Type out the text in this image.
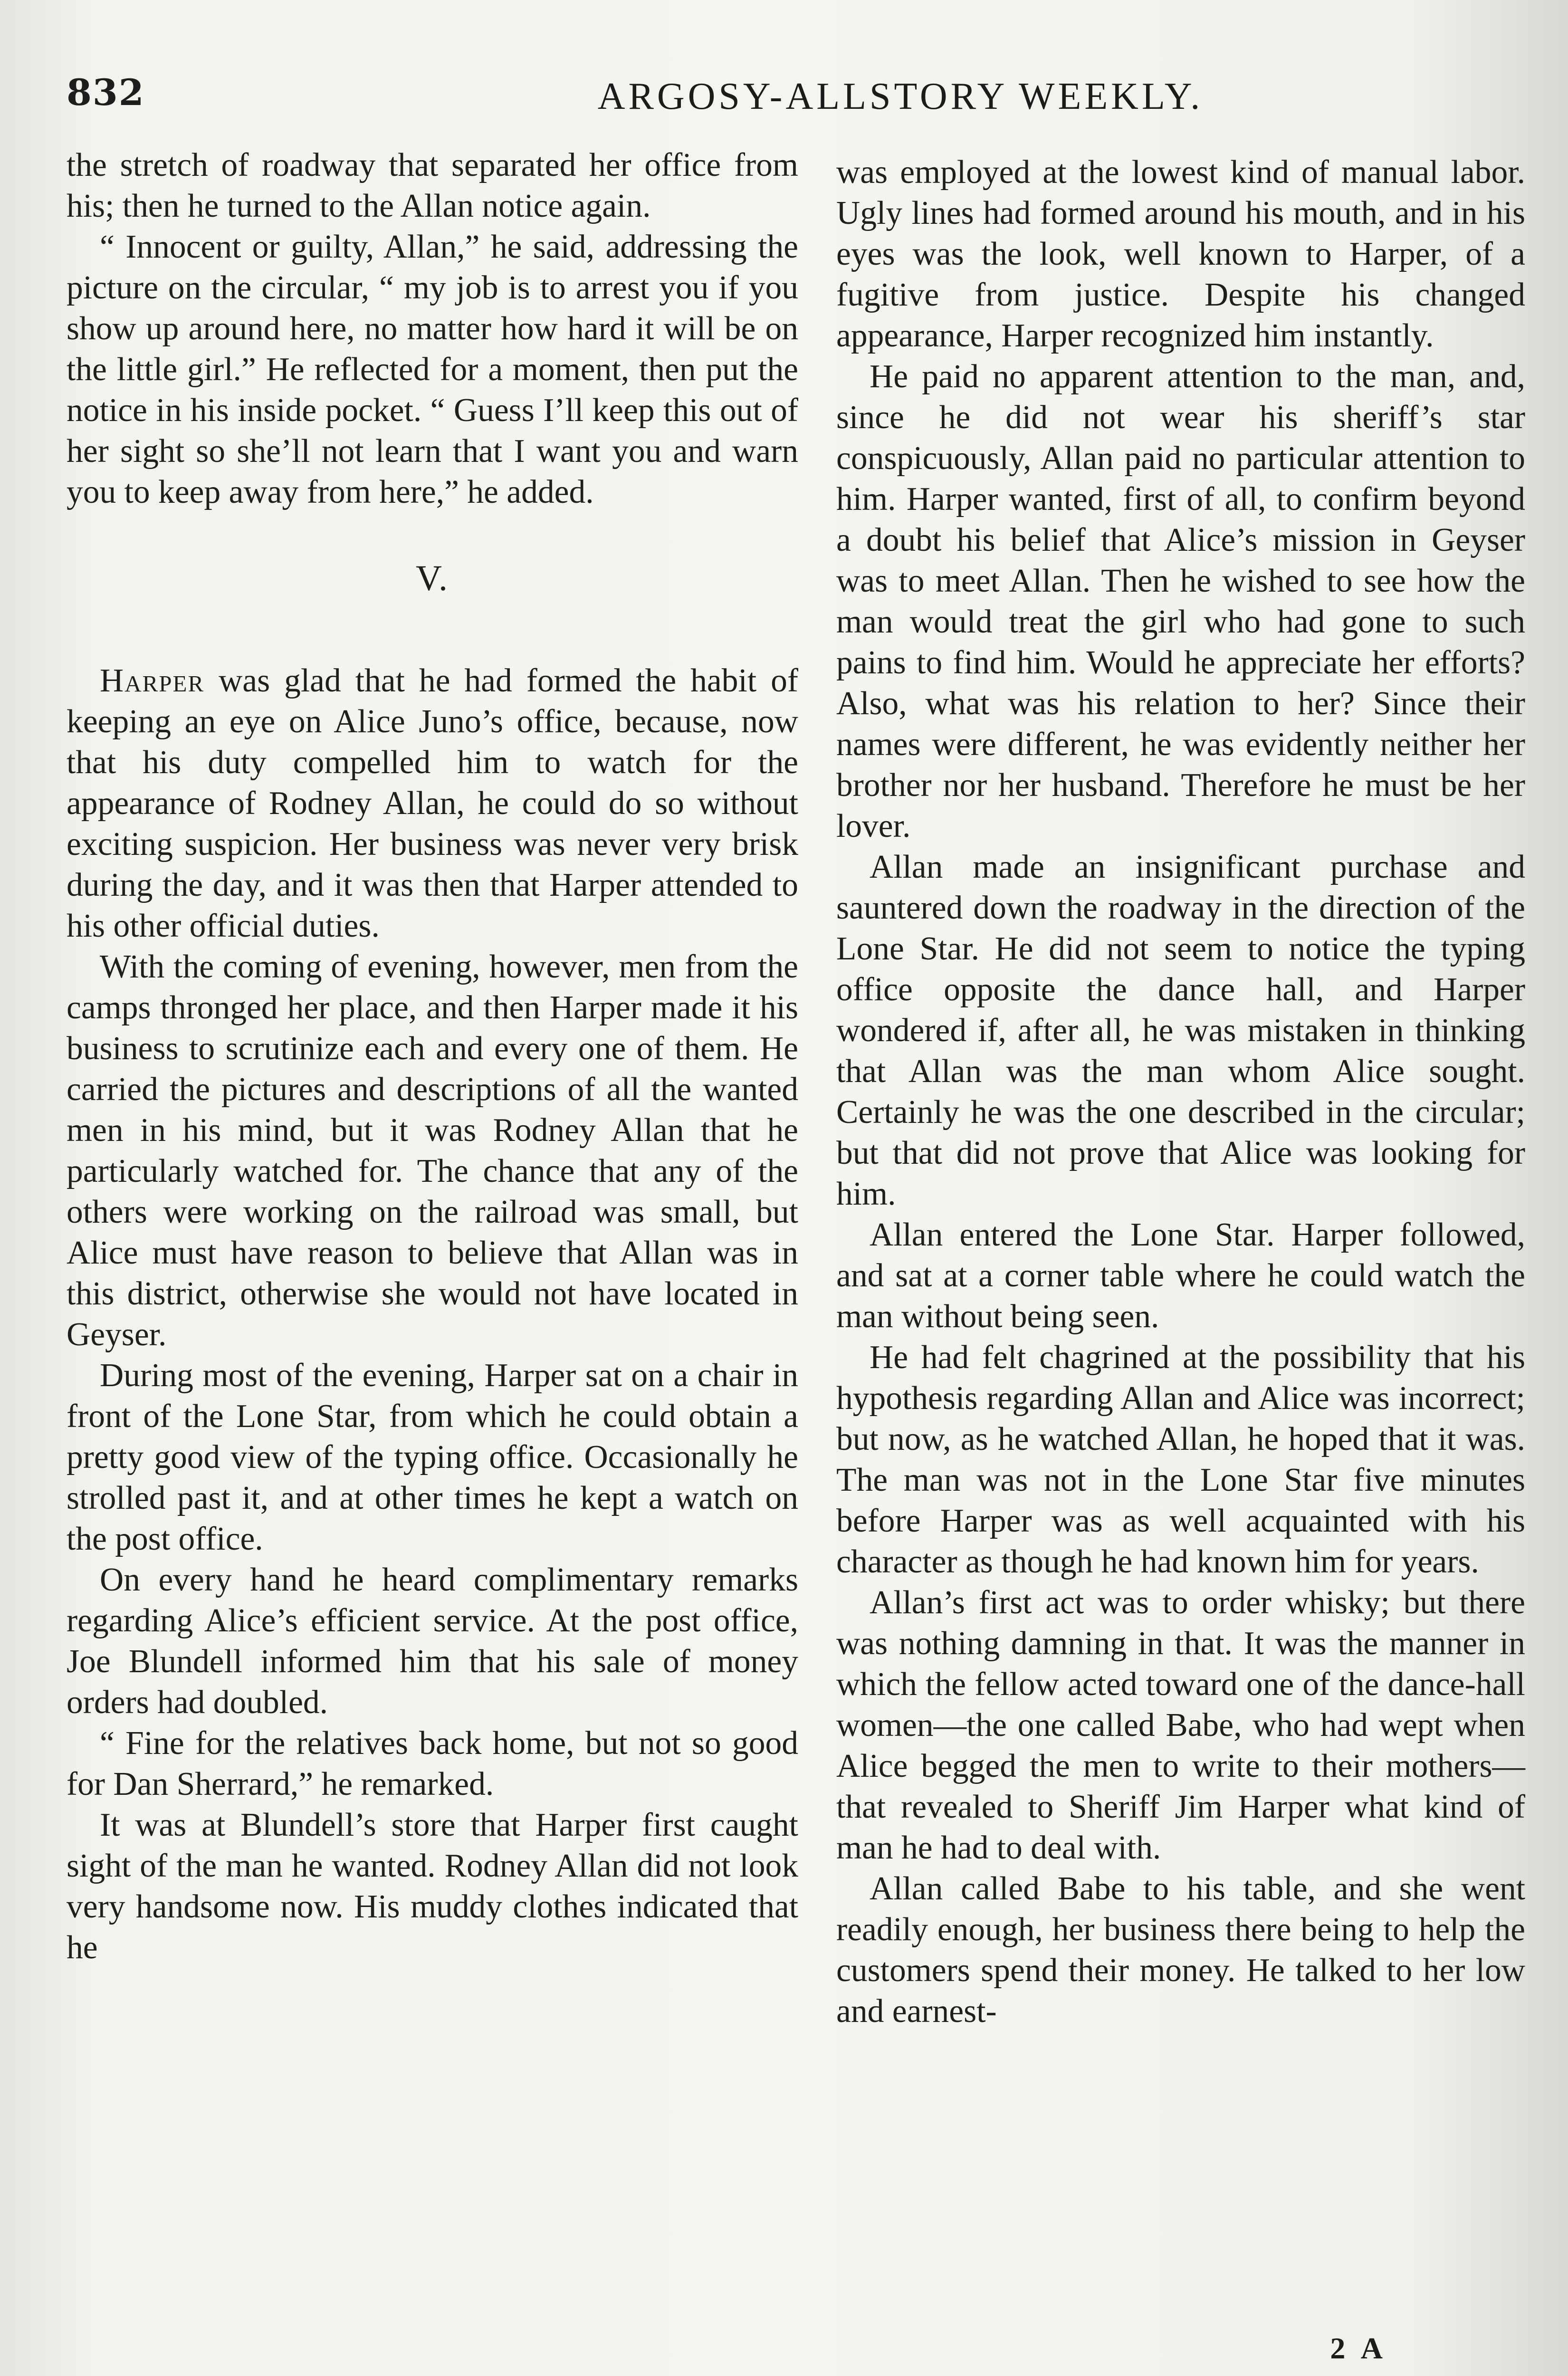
832	ARGOSY-ALLSTORY WEEKLY.

the stretch of roadway that separated her office from his; then he turned to the Allan notice again.

“ Innocent or guilty, Allan,” he said, addressing the picture on the circular, “ my job is to arrest you if you show up around here, no matter how hard it will be on the little girl.” He reflected for a moment, then put the notice in his inside pocket. “ Guess I’ll keep this out of her sight so she’ll not learn that I want you and warn you to keep away from here,” he added.

V.

Harper was glad that he had formed the habit of keeping an eye on Alice Juno’s office, because, now that his duty compelled him to watch for the appearance of Rodney Allan, he could do so without exciting suspicion. Her business was never very brisk during the day, and it was then that Harper attended to his other official duties.

With the coming of evening, however, men from the camps thronged her place, and then Harper made it his business to scrutinize each and every one of them. He carried the pictures and descriptions of all the wanted men in his mind, but it was Rodney Allan that he particularly watched for. The chance that any of the others were working on the railroad was small, but Alice must have reason to believe that Allan was in this district, otherwise she would not have located in Geyser.

During most of the evening, Harper sat on a chair in front of the Lone Star, from which he could obtain a pretty good view of the typing office. Occasionally he strolled past it, and at other times he kept a watch on the post office.

On every hand he heard complimentary remarks regarding Alice’s efficient service. At the post office, Joe Blundell informed him that his sale of money orders had doubled.

“ Fine for the relatives back home, but not so good for Dan Sherrard,” he remarked.

It was at Blundell’s store that Harper first caught sight of the man he wanted. Rodney Allan did not look very handsome now. His muddy clothes indicated that he

was employed at the lowest kind of manual labor. Ugly lines had formed around his mouth, and in his eyes was the look, well known to Harper, of a fugitive from justice. Despite his changed appearance, Harper recognized him instantly.

He paid no apparent attention to the man, and, since he did not wear his sheriff’s star conspicuously, Allan paid no particular attention to him. Harper wanted, first of all, to confirm beyond a doubt his belief that Alice’s mission in Geyser was to meet Allan. Then he wished to see how the man would treat the girl who had gone to such pains to find him. Would he appreciate her efforts? Also, what was his relation to her? Since their names were different, he was evidently neither her brother nor her husband. Therefore he must be her lover.

Allan made an insignificant purchase and sauntered down the roadway in the direction of the Lone Star. He did not seem to notice the typing office opposite the dance hall, and Harper wondered if, after all, he was mistaken in thinking that Allan was the man whom Alice sought. Certainly he was the one described in the circular; but that did not prove that Alice was looking for him.

Allan entered the Lone Star. Harper followed, and sat at a corner table where he could watch the man without being seen.

He had felt chagrined at the possibility that his hypothesis regarding Allan and Alice was incorrect; but now, as he watched Allan, he hoped that it was. The man was not in the Lone Star five minutes before Harper was as well acquainted with his character as though he had known him for years.

Allan’s first act was to order whisky; but there was nothing damning in that. It was the manner in which the fellow acted toward one of the dance-hall women—the one called Babe, who had wept when Alice begged the men to write to their mothers—that revealed to Sheriff Jim Harper what kind of man he had to deal with.

Allan called Babe to his table, and she went readily enough, her business there being to help the customers spend their money. He talked to her low and earnest-

2 A
